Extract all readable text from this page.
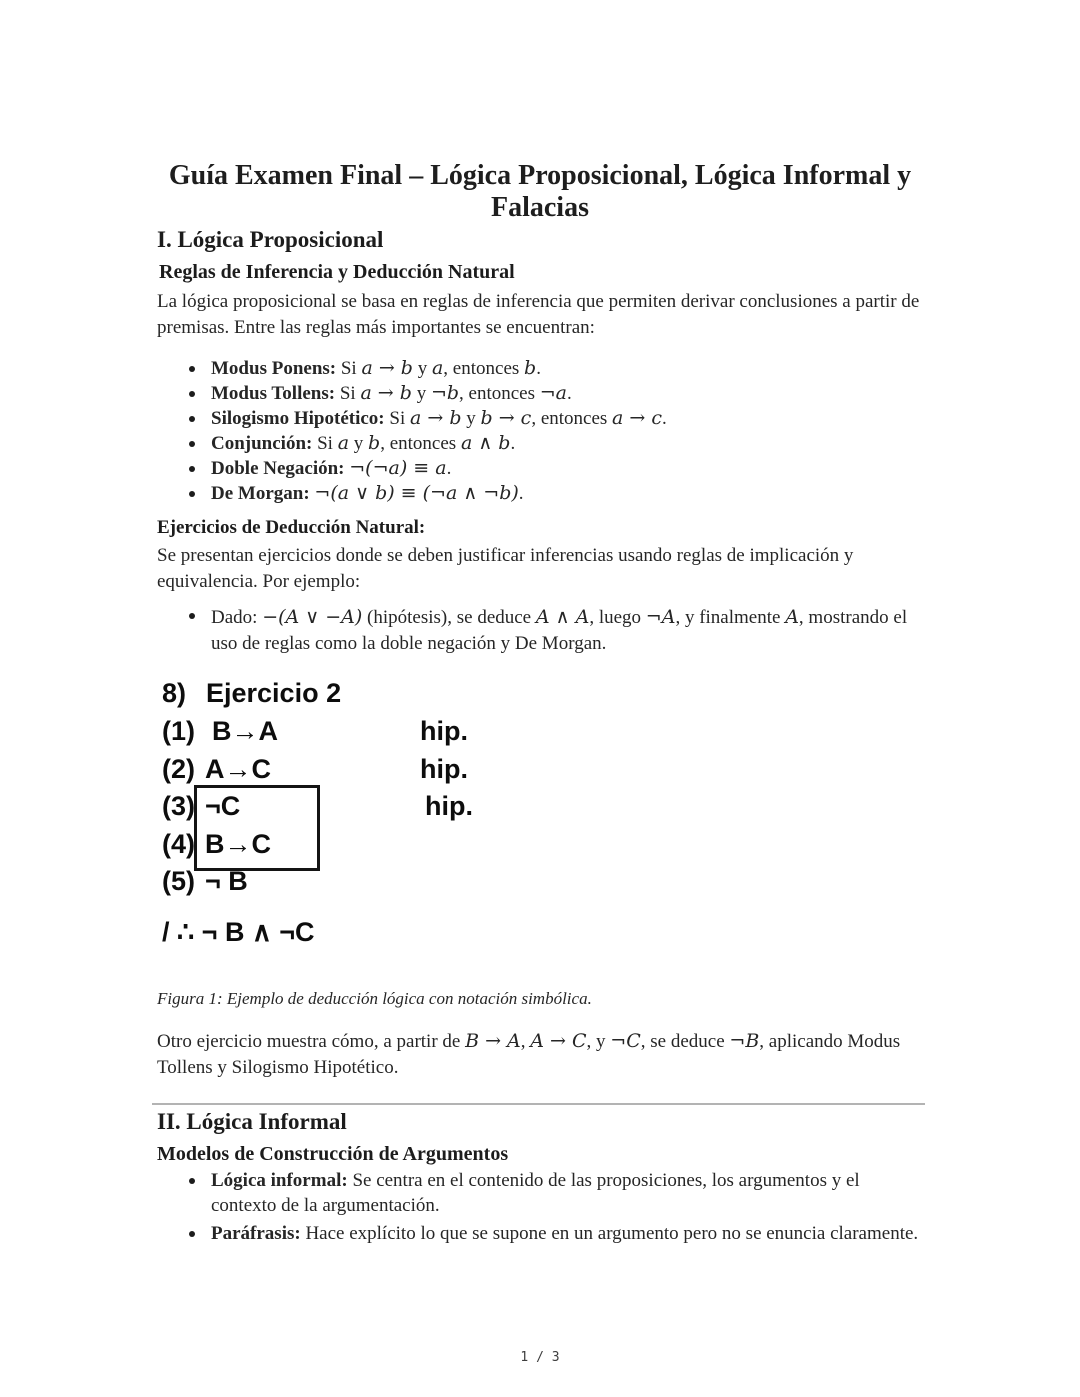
Guía Examen Final – Lógica Proposicional, Lógica Informal y
Falacias
I. Lógica Proposicional
Reglas de Inferencia y Deducción Natural
La lógica proposicional se basa en reglas de inferencia que permiten derivar conclusiones a partir de premisas. Entre las reglas más importantes se encuentran:
Modus Ponens: Si a → b y a, entonces b.
Modus Tollens: Si a → b y ¬b, entonces ¬a.
Silogismo Hipotético: Si a → b y b → c, entonces a → c.
Conjunción: Si a y b, entonces a ∧ b.
Doble Negación: ¬(¬a) ≡ a.
De Morgan: ¬(a ∨ b) ≡ (¬a ∧ ¬b).
Ejercicios de Deducción Natural:
Se presentan ejercicios donde se deben justificar inferencias usando reglas de implicación y equivalencia. Por ejemplo:
Dado: −(A ∨ −A) (hipótesis), se deduce A ∧ A, luego ¬A, y finalmente A, mostrando el uso de reglas como la doble negación y De Morgan.
8) Ejercicio 2
(1) B→A	hip.
(2) A→C	hip.
(3) ¬C	hip.
(4) B→C
(5) ¬ B
/ ∴ ¬ B ∧ ¬C
Figura 1: Ejemplo de deducción lógica con notación simbólica.
Otro ejercicio muestra cómo, a partir de B → A, A → C, y ¬C, se deduce ¬B, aplicando Modus Tollens y Silogismo Hipotético.
II. Lógica Informal
Modelos de Construcción de Argumentos
Lógica informal: Se centra en el contenido de las proposiciones, los argumentos y el contexto de la argumentación.
Paráfrasis: Hace explícito lo que se supone en un argumento pero no se enuncia claramente.
1 / 3
